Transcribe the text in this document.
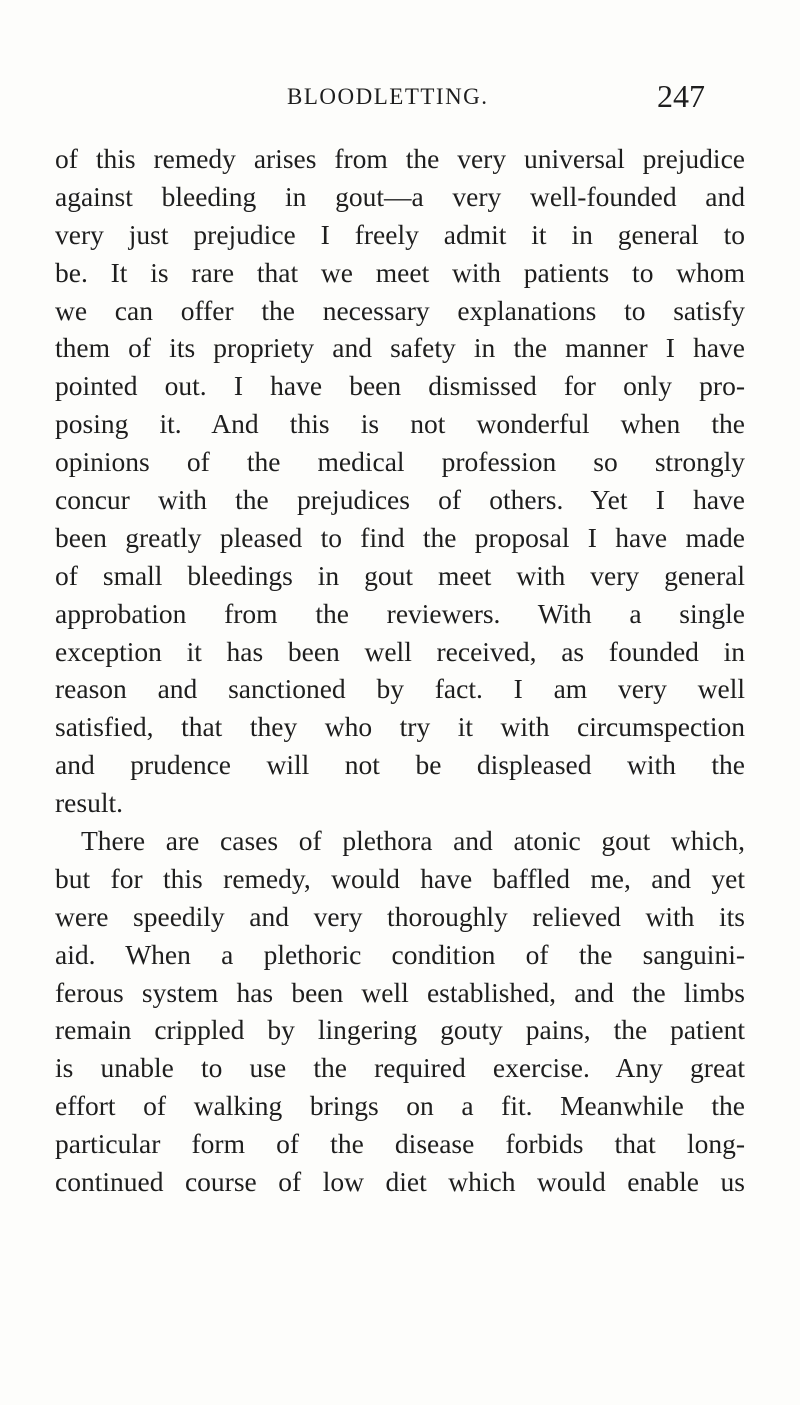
BLOODLETTING.	247
of this remedy arises from the very universal prejudice
against bleeding in gout—a very well-founded and
very just prejudice I freely admit it in general to
be. It is rare that we meet with patients to whom
we can offer the necessary explanations to satisfy
them of its propriety and safety in the manner I have
pointed out. I have been dismissed for only pro-
posing it. And this is not wonderful when the
opinions of the medical profession so strongly
concur with the prejudices of others. Yet I have
been greatly pleased to find the proposal I have made
of small bleedings in gout meet with very general
approbation from the reviewers. With a single
exception it has been well received, as founded in
reason and sanctioned by fact. I am very well
satisfied, that they who try it with circumspection
and prudence will not be displeased with the
result.
There are cases of plethora and atonic gout which,
but for this remedy, would have baffled me, and yet
were speedily and very thoroughly relieved with its
aid. When a plethoric condition of the sanguini-
ferous system has been well established, and the limbs
remain crippled by lingering gouty pains, the patient
is unable to use the required exercise. Any great
effort of walking brings on a fit. Meanwhile the
particular form of the disease forbids that long-
continued course of low diet which would enable us
